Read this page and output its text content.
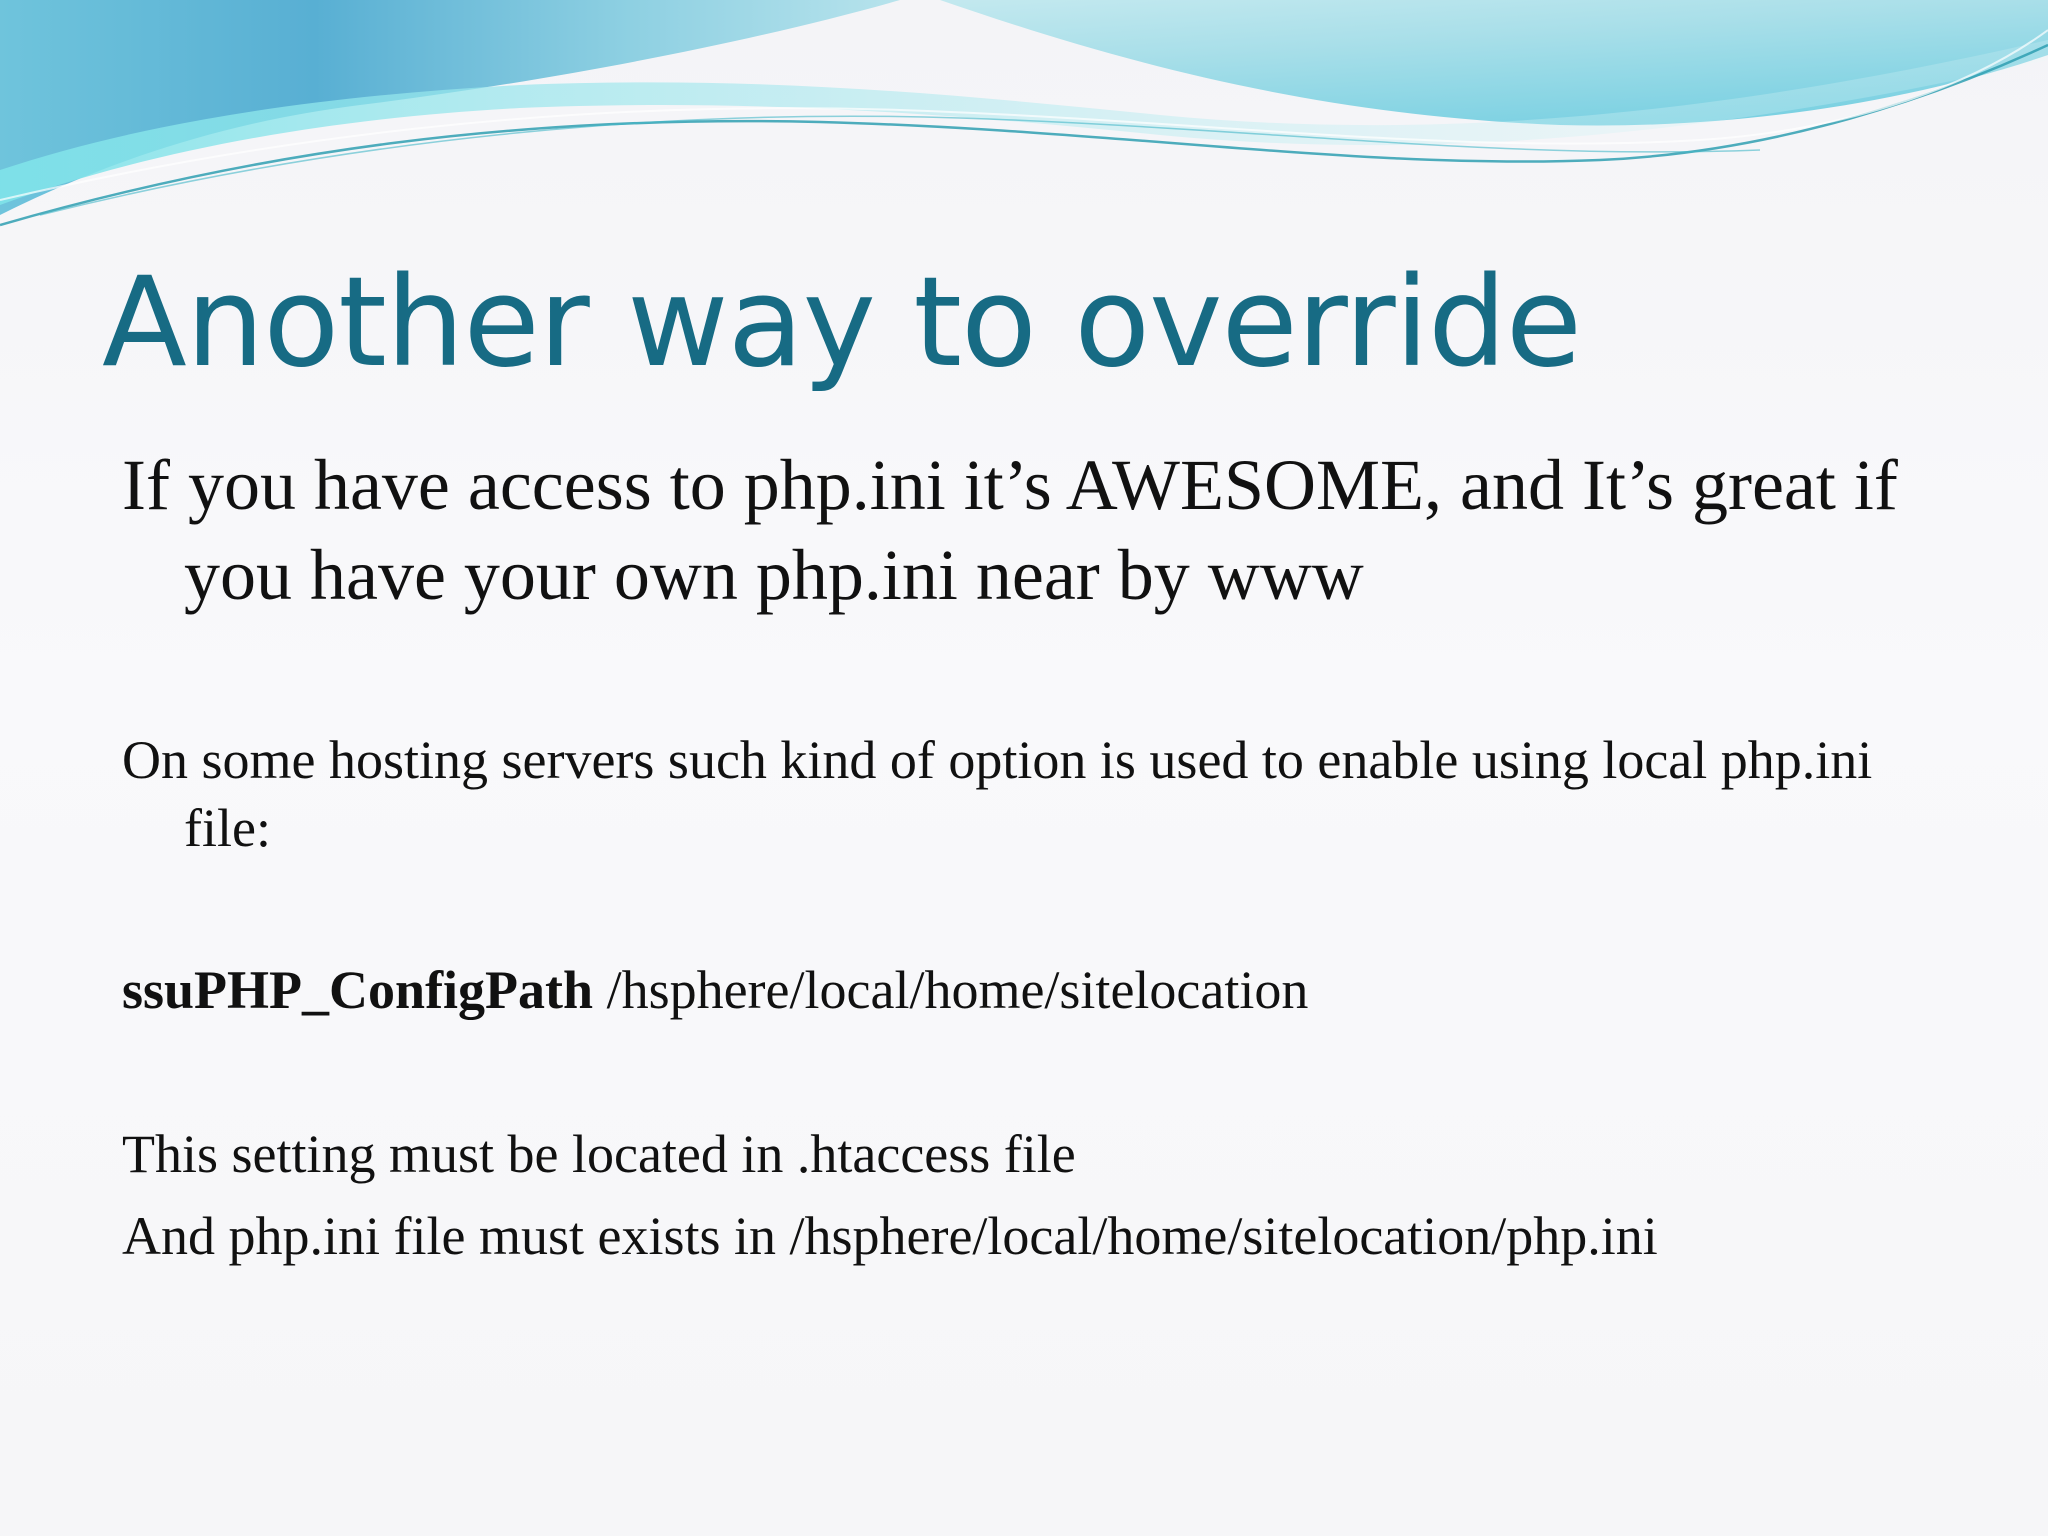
Another way to override

If you have access to php.ini it’s AWESOME, and It’s great if you have your own php.ini near by www

On some hosting servers such kind of option is used to enable using local php.ini file:

ssuPHP_ConfigPath /hsphere/local/home/sitelocation

This setting must be located in .htaccess file

And php.ini file must exists in /hsphere/local/home/sitelocation/php.ini
